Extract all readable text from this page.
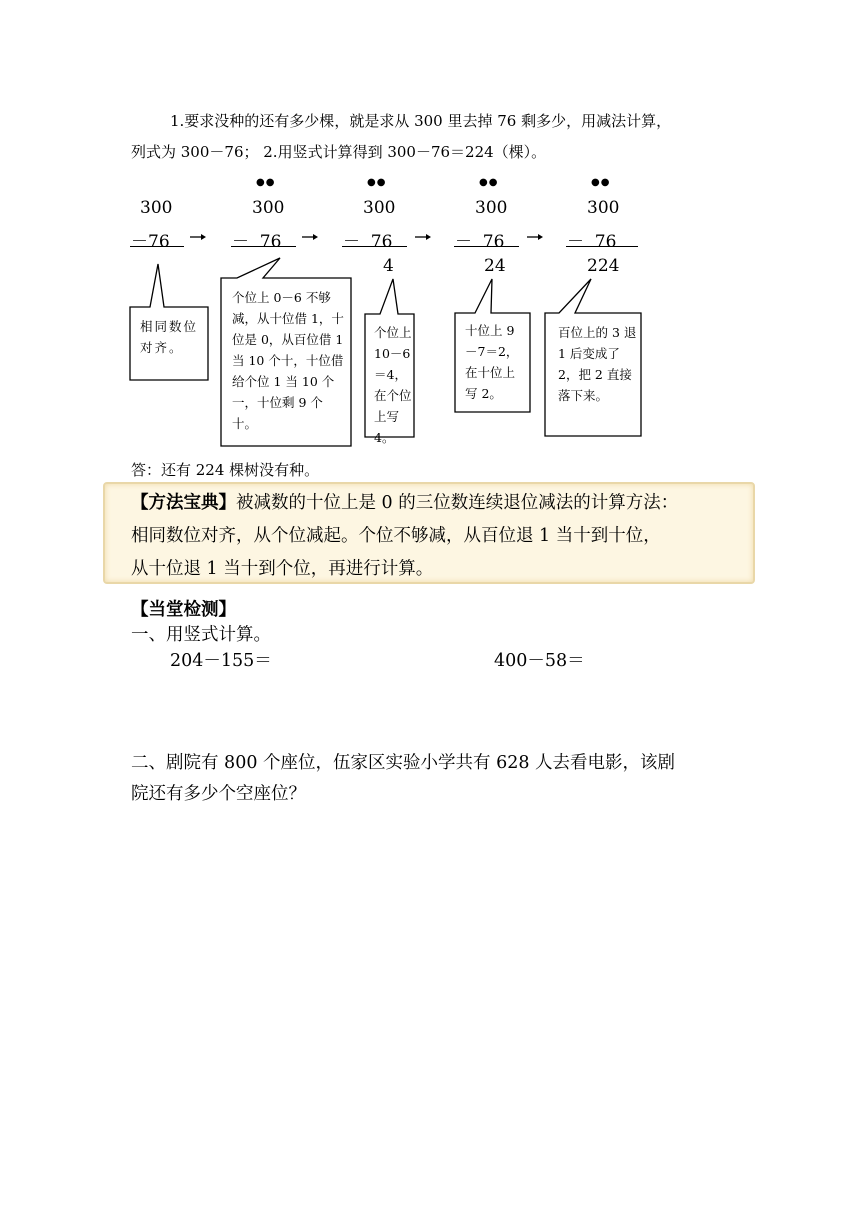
1.要求没种的还有多少棵，就是求从 300 里去掉 76 剩多少，用减法计算，
列式为 300－76； 2.用竖式计算得到 300－76＝224（棵）。
300
－76
●●
300
－  76
●●
300
－  76
4
●●
300
－  76
24
●●
300
－  76
224
相同数位对齐。
个位上 0－6 不够减，从十位借 1，十位是 0，从百位借 1 当 10 个十，十位借给个位 1 当 10 个一，十位剩 9 个十。
个位上 10－6＝4，在个位上写 4。
十位上 9－7＝2，在十位上写 2。
百位上的 3 退 1 后变成了 2，把 2 直接落下来。
答：还有 224 棵树没有种。
【方法宝典】被减数的十位上是 0 的三位数连续退位减法的计算方法：
相同数位对齐，从个位减起。个位不够减，从百位退 1 当十到十位，
从十位退 1 当十到个位，再进行计算。
【当堂检测】
一、用竖式计算。
204－155＝	400－58＝
二、剧院有 800 个座位，伍家区实验小学共有 628 人去看电影，该剧
院还有多少个空座位？
